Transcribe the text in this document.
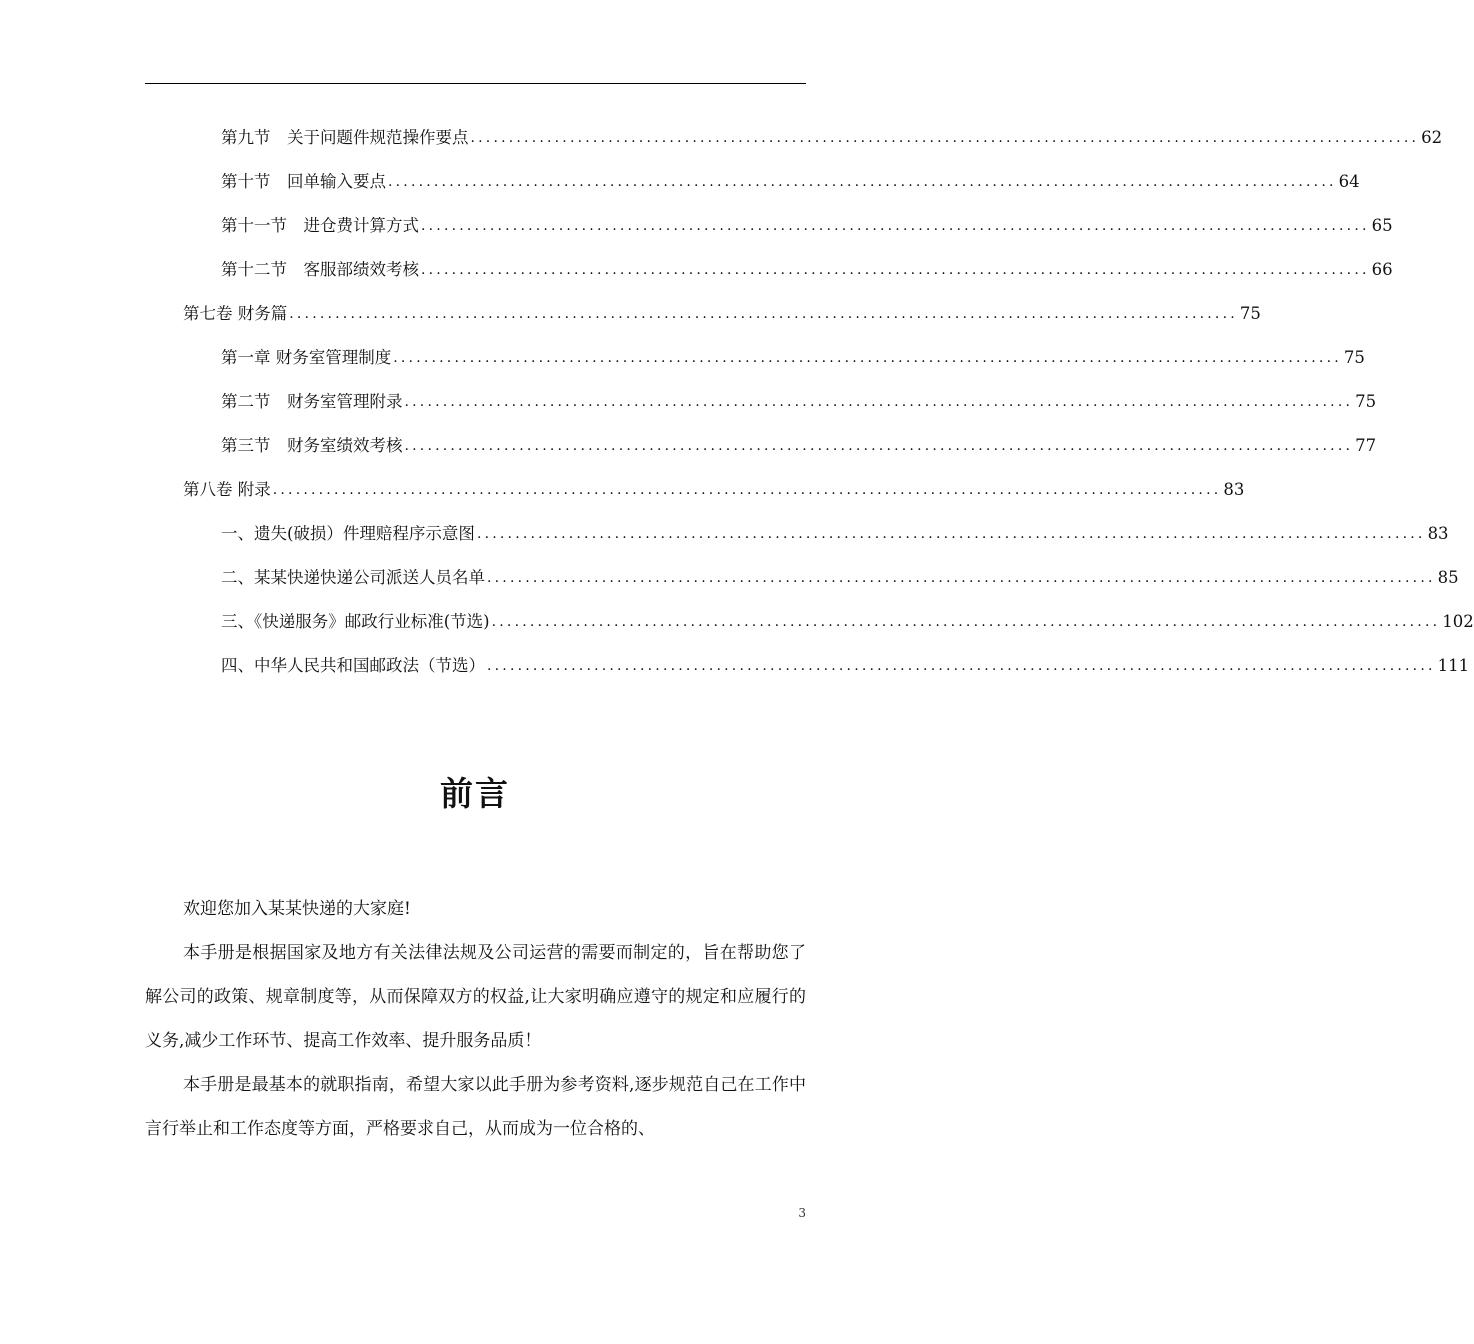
第九节　关于问题件规范操作要点 ............................................................................................................................ 62
第十节　回单输入要点 ............................................................................................................................ 64
第十一节　进仓费计算方式 ............................................................................................................................ 65
第十二节　客服部绩效考核 ............................................................................................................................ 66
第七卷 财务篇 ............................................................................................................................ 75
第一章 财务室管理制度 ............................................................................................................................ 75
第二节　财务室管理附录 ............................................................................................................................ 75
第三节　财务室绩效考核 ............................................................................................................................ 77
第八卷 附录 ............................................................................................................................ 83
一、遗失(破损）件理赔程序示意图 ............................................................................................................................ 83
二、某某快递快递公司派送人员名单 ............................................................................................................................ 85
三、《快递服务》邮政行业标准(节选) ............................................................................................................................ 102
四、中华人民共和国邮政法（节选） ............................................................................................................................ 111
前言

欢迎您加入某某快递的大家庭!

本手册是根据国家及地方有关法律法规及公司运营的需要而制定的，旨在帮助您了解公司的政策、规章制度等，从而保障双方的权益,让大家明确应遵守的规定和应履行的义务,减少工作环节、提高工作效率、提升服务品质！

本手册是最基本的就职指南，希望大家以此手册为参考资料,逐步规范自己在工作中言行举止和工作态度等方面，严格要求自己，从而成为一位合格的、

3
